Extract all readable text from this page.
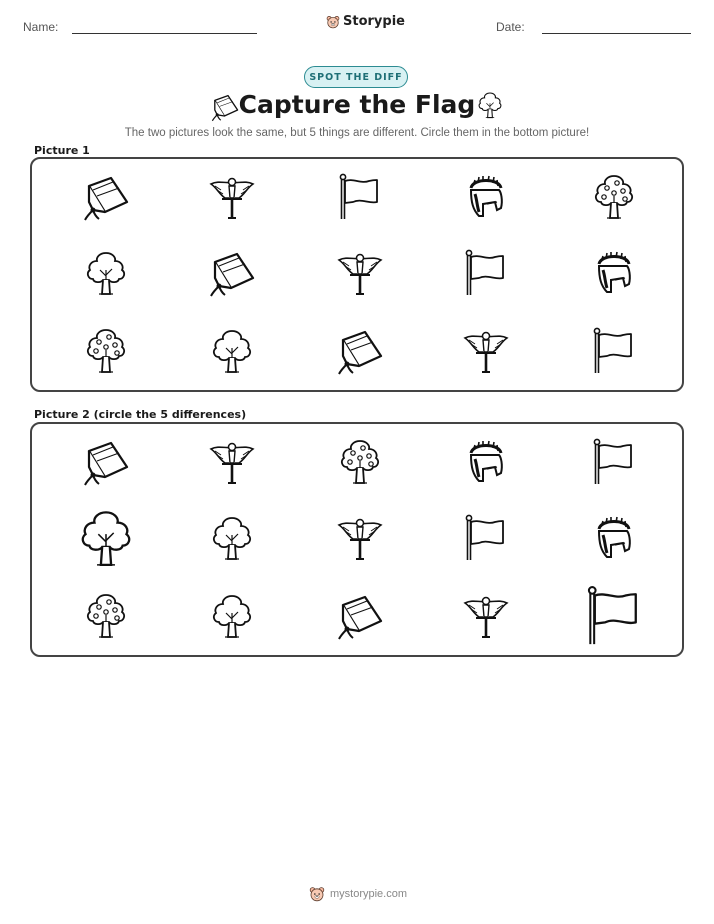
Name:	Storypie	Date:
SPOT THE DIFF
Capture the Flag
The two pictures look the same, but 5 things are different. Circle them in the bottom picture!
Picture 1
Picture 2 (circle the 5 differences)
mystorypie.com
